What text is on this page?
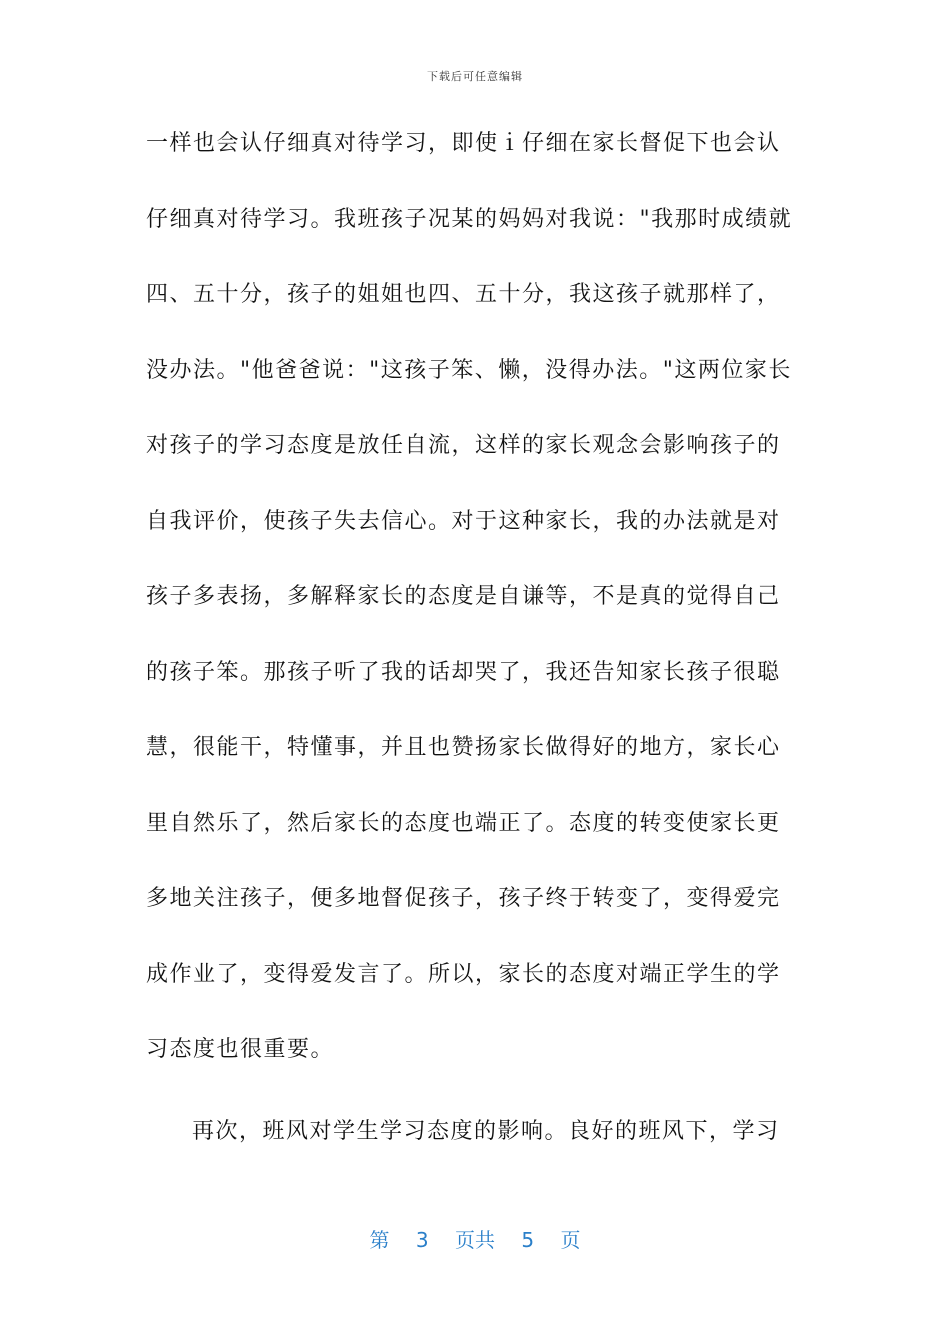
下载后可任意编辑
一样也会认仔细真对待学习，即使ｉ仔细在家长督促下也会认
仔细真对待学习。我班孩子况某的妈妈对我说："我那时成绩就
四、五十分，孩子的姐姐也四、五十分，我这孩子就那样了，
没办法。"他爸爸说："这孩子笨、懒，没得办法。"这两位家长
对孩子的学习态度是放任自流，这样的家长观念会影响孩子的
自我评价，使孩子失去信心。对于这种家长，我的办法就是对
孩子多表扬，多解释家长的态度是自谦等，不是真的觉得自己
的孩子笨。那孩子听了我的话却哭了，我还告知家长孩子很聪
慧，很能干，特懂事，并且也赞扬家长做得好的地方，家长心
里自然乐了，然后家长的态度也端正了。态度的转变使家长更
多地关注孩子，便多地督促孩子，孩子终于转变了，变得爱完
成作业了，变得爱发言了。所以，家长的态度对端正学生的学
习态度也很重要。
再次，班风对学生学习态度的影响。良好的班风下，学习
第 3 页共 5 页
